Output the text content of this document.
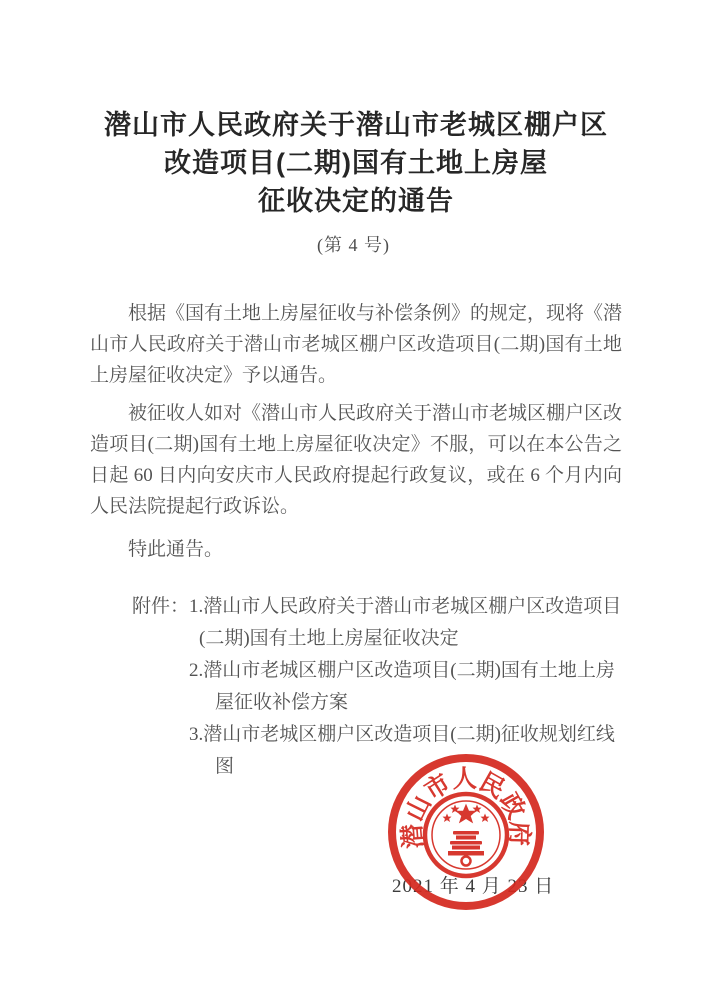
潜山市人民政府关于潜山市老城区棚户区
改造项目(二期)国有土地上房屋
征收决定的通告
(第 4 号)

根据《国有土地上房屋征收与补偿条例》的规定，现将《潜山市人民政府关于潜山市老城区棚户区改造项目(二期)国有土地上房屋征收决定》予以通告。

被征收人如对《潜山市人民政府关于潜山市老城区棚户区改造项目(二期)国有土地上房屋征收决定》不服，可以在本公告之日起 60 日内向安庆市人民政府提起行政复议，或在 6 个月内向人民法院提起行政诉讼。

特此通告。

附件： 1.潜山市人民政府关于潜山市老城区棚户区改造项目
(二期)国有土地上房屋征收决定
2.潜山市老城区棚户区改造项目(二期)国有土地上房
屋征收补偿方案
3.潜山市老城区棚户区改造项目(二期)征收规划红线
图
2021 年 4 月 23 日
潜山市人民政府
